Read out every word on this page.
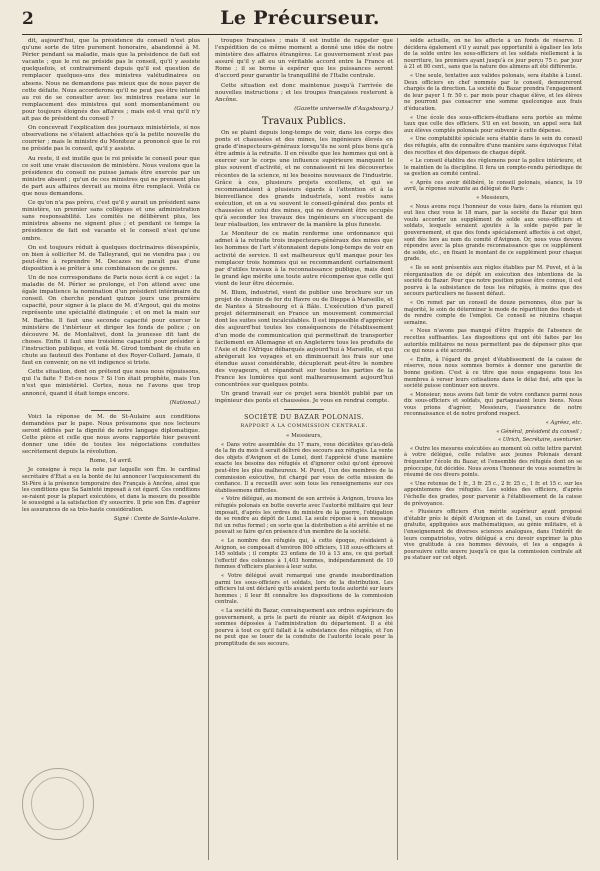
2	Le Précurseur.

dit, aujourd'hui, que la présidence du conseil n'est plus qu'une sorte de titre purement honoraire, abandonné à M. Périer pendant sa maladie, mais que la présidence de fait est vacante ; que le roi ne préside pas le conseil, qu'il y assiste quelquefois, et contrairement depuis qu'il est question de remplacer quelques-uns des ministres valétudinaires ou absens. Nous ne demandons pas mieux que de nous payer de cette défaite. Nous accorderons qu'il ne peut pas être intenté au roi de se consulter avec les ministres restans sur le remplacement des ministres qui sont momentanément ou pour toujours éloignés des affaires ; mais est-il vrai qu'il n'y ait pas de président du conseil ?

On concevrait l'explication des journaux ministériels, si nos observations ne s'étaient attachées qu'à la petite nouvelle du courrier ; mais le ministre du Moniteur a prononcé que le roi ne préside pas le conseil, qu'il y assiste.

Au reste, il est inutile que le roi préside le conseil pour que ce soit une vraie discussion de ministère. Nous voulons que la présidence du conseil ne puisse jamais être exercée par un ministre absent ; qu'un de ces ministres qui ne prennent plus de part aux affaires devrait au moins être remplacé. Voilà ce que nous demandons.

Ce qu'on n'a pas prévu, c'est qu'il y aurait un président sans ministère, un premier sans collègues et une administration sans responsabilité. Les comités ne délibèrent plus, les ministres absens ne signent plus ; et pendant ce temps la présidence de fait est vacante et le conseil n'est qu'une ombre.

On est toujours réduit à quelques doctrinaires désespérés, on bien à solliciter M. de Talleyrand, qui ne viendra pas ; ou peut-être à reprendre M. Decazes ne paraît pas d'une disposition à se prêter à une combinaison de ce genre.

Un de nos correspondans de Paris nous écrit à ce sujet : la maladie de M. Périer se prolonge, et l'on attend avec une égale impatience la nomination d'un président intérimaire du conseil. On cherche pendant quinze jours une première capacité, pour signer à la place de M. d'Argout, qui du moins représente une spécialité distinguée ; et on met la main sur M. Barthe. Il faut une seconde capacité pour exercer le ministère de l'intérieur et diriger les fonds de police ; on découvre M. de Montalivet, dont la jeunesse dit tant de choses. Enfin il faut une troisième capacité pour présider à l'instruction publique, et voilà M. Girod tombant de chute en chute au fauteuil des Fontane et des Royer-Collard. Jamais, il faut en convenir, on ne vit indigence si triste.

Cette situation, dont on prétend que nous nous réjouissons, qui l'a faite ? Est-ce nous ? Si l'on était prophète, mais l'on n'est que ministériel. Certes, nous ne l'avons que trop annoncé, quand il était temps encore.

(National.)

Voici la réponse de M. de St-Aulaire aux conditions demandées par le pape. Nous présumons que nos lecteurs seront édifiés par la dignité de notre langage diplomatique. Cette pièce et celle que nous avons rapportée hier peuvent donner une idée de toutes les négociations conduites secrètement depuis la révolution.

Rome, 14 avril.

Je consigne à reçu la note par laquelle son Ém. le cardinal secrétaire d'État a eu la bonté de lui annoncer l'acquiescement du St-Père à la présence temporaire des Français à Ancône, ainsi que les conditions que Sa Sainteté imposait à cet égard. Ces conditions se-raient pour la plupart exécutées, et dans la mesure du possible le soussigné a la satisfaction d'y souscrire. Il prie son Ém. d'agréer les assurances de sa très-haute considération.

Signé : Comte de Sainte-Aulaire.

troupes françaises ; mais il est inutile de rappeler que l'expédition de ce même moment a donné une idée de notre ministère des affaires étrangères. Le gouvernement n'est pas assuré qu'il y ait eu un véritable accord entre la France et Rome ; il se borne à espérer que les puissances seront d'accord pour garantir la tranquillité de l'Italie centrale.

Cette situation est donc maintenue jusqu'à l'arrivée de nouvelles instructions ; et les troupes françaises resteront à Ancône.

(Gazette universelle d'Augsbourg.)

Travaux Publics.

On se plaint depuis long-temps de voir, dans les corps des ponts et chaussées et des mines, les ingénieurs élevés en grade d'inspecteurs-généraux lorsqu'ils ne sont plus bons qu'à être admis à la retraite. Il en résulte que les hommes qui ont à exercer sur le corps une influence supérieure manquent le plus souvent d'activité, et ne connaissent ni les découvertes récentes de la science, ni les besoins nouveaux de l'industrie. Grâce à ces, plusieurs projets excellens, et qui se recommandaient à plusieurs égards à l'attention et à la bienveillance des grands industriels, sont restés sans exécution, et on a vu souvent le conseil-général des ponts et chaussées et celui des mines, qui ne devraient être occupés qu'à seconder les travaux des ingénieurs en s'occupant de leur réalisation, les entraver de la manière la plus funeste.

Le Moniteur de ce matin renferme une ordonnance qui admet à la retraite trois inspecteurs-généraux des mines que les hommes de l'art s'étonnaient depuis long-temps de voir en activité de service. Il est malheureux qu'il manque pour les remplacer trois hommes qui se recommandent certainement par d'utiles travaux à la reconnaissance publique, mais dont le grand âge mérite une toute autre récompense que celle qui vient de leur être décernée.

M. Blum, industriel, vient de publier une brochure sur un projet de chemin de fer du Havre ou de Dieppe à Marseille, et de Nantes à Strasbourg et à Bâle. L'exécution d'un pareil projet déterminerait en France un mouvement commercial dont les suites sont incalculables. Il est impossible d'apprécier dès aujourd'hui toutes les conséquences de l'établissement d'un mode de communication qui permettrait de transporter facilement en Allemagne et en Angleterre tous les produits de l'Asie et de l'Afrique débarqués aujourd'hui à Marseille, et qui abrégerait les voyages et en diminuerait les frais sur une étendue aussi considérable, décuplerait peut-être le nombre des voyageurs, et répandrait sur toutes les parties de la France les lumières qui sont malheureusement aujourd'hui concentrées sur quelques points.

Un grand travail sur ce projet sera bientôt publié par un ingénieur des ponts et chaussées. Je vous en rendrai compte.

SOCIÉTÉ DU BAZAR POLONAIS.
RAPPORT A LA COMMISSION CENTRALE.

« Messieurs,

« Dans votre assemblée du 17 mars, vous décidâtes qu'au-delà de la fin du mois il serait délivré des secours aux réfugiés. La vente des objets d'Avignon et de Lunel, dont l'apprécié d'une manière exacte les besoins des réfugiés et d'ignorer celui qu'ont éprouvé peut-être les plus malheureux. M. Puvet, l'un des membres de la commission exécutive, fut chargé par vous de cette mission de confiance. Il a recueilli avec soin tous les renseignemens sur ces établissemens difficiles.

« Votre délégué, au moment de son arrivée à Avignon, trouva les réfugiés polonais en butte ouverte avec l'autorité militaire qui leur imposait, d'après les ordres du ministre de la guerre, l'obligation de se rendre au dépôt de Lunel. La seule réponse à son message fut un refus formel ; en sorte que la distribution a été arrêtée et ne pouvait se faire qu'en présence d'un membre de la société.

« Le nombre des réfugiés qui, à cette époque, résidaient à Avignon, se composait d'environ 800 officiers, 118 sous-officiers et 145 soldats ; il compte 23 enfans de 10 à 13 ans, ce qui portait l'effectif des colonnes à 1,403 hommes, indépendamment de 10 femmes d'officiers placées à leur suite.

« Votre délégué avait remarqué une grande insubordination parmi les sous-officiers et soldats, lors de la distribution. Les officiers lui ont déclaré qu'ils avaient perdu toute autorité sur leurs hommes ; il leur fit connaître les dispositions de la commission centrale.

« La société du Bazar, convainquement aux ordres supérieurs du gouvernement, a pris le parti de réunir au dépôt d'Avignon les sommes déposées à l'administration du département. Il a été pourvu à tout ce qu'il fallait à la subsistance des réfugiés, et l'on ne peut que se louer de la conduite de l'autorité locale pour la promptitude de ses secours.

solde actuelle, on ne les affecte à un fonds de réserve. Il décidera également s'il y aurait pas opportunité à égaliser les lots de la solde entre les sous-officiers et les soldats réellement à la nourriture, les premiers ayant jusqu'à ce jour perçu 75 c. par jour à 21 et 80 cent., sans que la nature des alimens ait été différente.

« Une seule, tentative aux valides polonais, sera établie à Lunel. Deux officiers en chef nommés par le conseil, demeureront chargés de la direction. La société du Bazar prendra l'engagement de leur payer 1 fr. 50 c. par mois pour chaque élève, et les élèves ne pourront pas consacrer une somme quelconque aux frais d'éducation.

« Une école des sous-officiers-étudians sera portée au même taux que celle des officiers. S'il en est besoin, un appel sera fait aux élèves comptés polonais pour subvenir à cette dépense.

« Une comptabilité spéciale sera établie dans le sein du conseil des réfugiés, afin de connaître d'une manière sans équivoque l'état des recettes et des dépenses de chaque dépôt.

« Le conseil établira des règlemens pour la police intérieure, et le maintien de la discipline. Il fera un compte-rendu périodique de sa gestion au comité central.

« Après ces avoir délibéré, le conseil polonais, séance, la 19 avril, la réponse suivante au délégué de Paris :

« Messieurs,

« Nous avons reçu l'honneur de vous faire, dans la réunion qui eut lieu chez vous le 18 mars, par la société du Bazar qui bien voulu accorder un supplément de solde aux sous-officiers et soldats, lesquels seraient ajoutés à la solde payée par le gouvernement, et que des fonds spécialement affectés à cet objet, sont dès lors au nom du comité d'Avignon. Or, nous vous devons répondre avec la plus grande reconnaissance que ce supplément de solde, etc., en fixant le montant de ce supplément pour chaque grade.

« Ils se sont présentés aux règles établies par M. Puvet, et à la réorganisation de ce dépôt en exécution des intentions de la société du Bazar. Pour que notre position puisse être connue, il est pourvu à la subsistance de tous les réfugiés, à moins que des secours particuliers ne fassent défaut.

« On remet par un conseil de douze personnes, élus par la majorité, le soin de déterminer le mode de répartition des fonds et de rendre compte de l'emploi. Ce conseil se réunira chaque semaine.

« Nous n'avons pas manqué d'être frappés de l'absence de recettes suffisantes. Les dispositions qui ont été faites par les autorités militaires ne nous permettent pas de dépenser plus que ce qui nous a été accordé.

« Enfin, à l'égard du projet d'établissement de la caisse de réserve, nous nous sommes bornés à donner une garantie de bonne gestion. C'est à ce titre que nous engageons tous les membres à verser leurs cotisations dans le délai fixé, afin que la société puisse continuer son œuvre.

« Monsieur, nous avons fait tenir de votre confiance parmi nous dix sous-officiers et soldats, qui partageaient leurs biens. Nous vous prions d'agréer, Messieurs, l'assurance de notre reconnaissance et de notre profond respect.

« Agréez, etc.

« Général, président du conseil ;

« Ulrich, Secrétaire, aventurier.

« Outre les mesures exécutées au moment où cette lettre parvint à votre délégué, celle relative aux jeunes Polonais devant fréquenter l'école du Bazar, et l'ensemble des réfugiés dont on se préoccupe, fut décidée. Nous avons l'honneur de vous soumettre le résumé de ces divers points.

« Une retenue de 1 fr., 3 fr. 25 c., 2 fr. 25 c., 1 fr. et 15 c. sur les appointemens des réfugiés. Les soldes des officiers, d'après l'échelle des grades, pour parvenir à l'établissement de la caisse de prévoyance.

« Plusieurs officiers d'un mérite supérieur ayant proposé d'établir près le dépôt d'Avignon et de Lunel, un cours d'étude gratuite, appliquées aux mathématiques, au génie militaire, et à l'enseignement de diverses sciences analogues, dans l'intérêt de leurs compatriotes, votre délégué a cru devoir exprimer la plus vive gratitude à ces hommes dévoués, et les a engagés à poursuivre cette œuvre jusqu'à ce que la commission centrale ait pu statuer sur cet objet.
